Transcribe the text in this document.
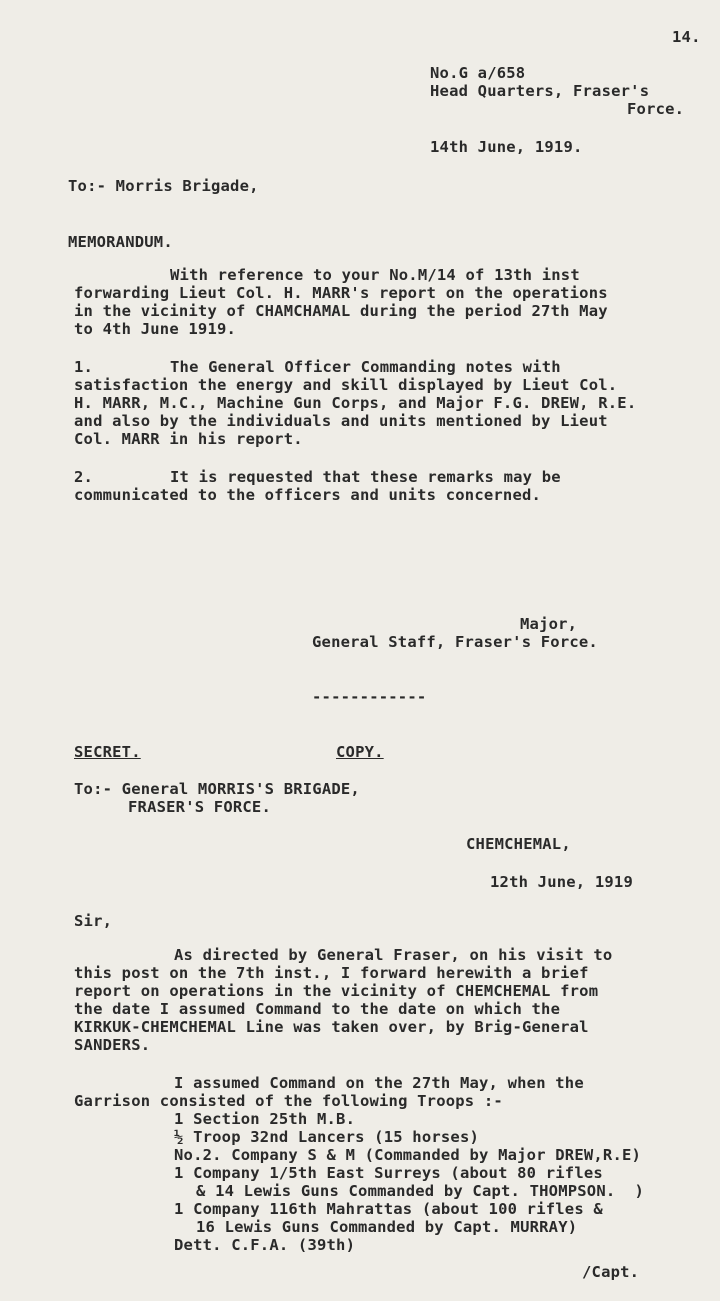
14.
No.G a/658
Head Quarters, Fraser's
Force.
14th June, 1919.
To:- Morris Brigade,
MEMORANDUM.
With reference to your No.M/14 of 13th inst
forwarding Lieut Col. H. MARR's report on the operations
in the vicinity of CHAMCHAMAL during the period 27th May
to 4th June 1919.
1.	The General Officer Commanding notes with
satisfaction the energy and skill displayed by Lieut Col.
H. MARR, M.C., Machine Gun Corps, and Major F.G. DREW, R.E.
and also by the individuals and units mentioned by Lieut
Col. MARR in his report.
2.	It is requested that these remarks may be
communicated to the officers and units concerned.
Major,
General Staff, Fraser's Force.
------------
SECRET.	COPY.
To:- General MORRIS'S BRIGADE,
FRASER'S FORCE.
CHEMCHEMAL,
12th June, 1919
Sir,
As directed by General Fraser, on his visit to
this post on the 7th inst., I forward herewith a brief
report on operations in the vicinity of CHEMCHEMAL from
the date I assumed Command to the date on which the
KIRKUK-CHEMCHEMAL Line was taken over, by Brig-General
SANDERS.
I assumed Command on the 27th May, when the
Garrison consisted of the following Troops :-
1 Section 25th M.B.
½ Troop 32nd Lancers (15 horses)
No.2. Company S & M (Commanded by Major DREW,R.E)
1 Company 1/5th East Surreys (about 80 rifles
& 14 Lewis Guns Commanded by Capt. THOMPSON.  )
1 Company 116th Mahrattas (about 100 rifles &
16 Lewis Guns Commanded by Capt. MURRAY)
Dett. C.F.A. (39th)
/Capt.
